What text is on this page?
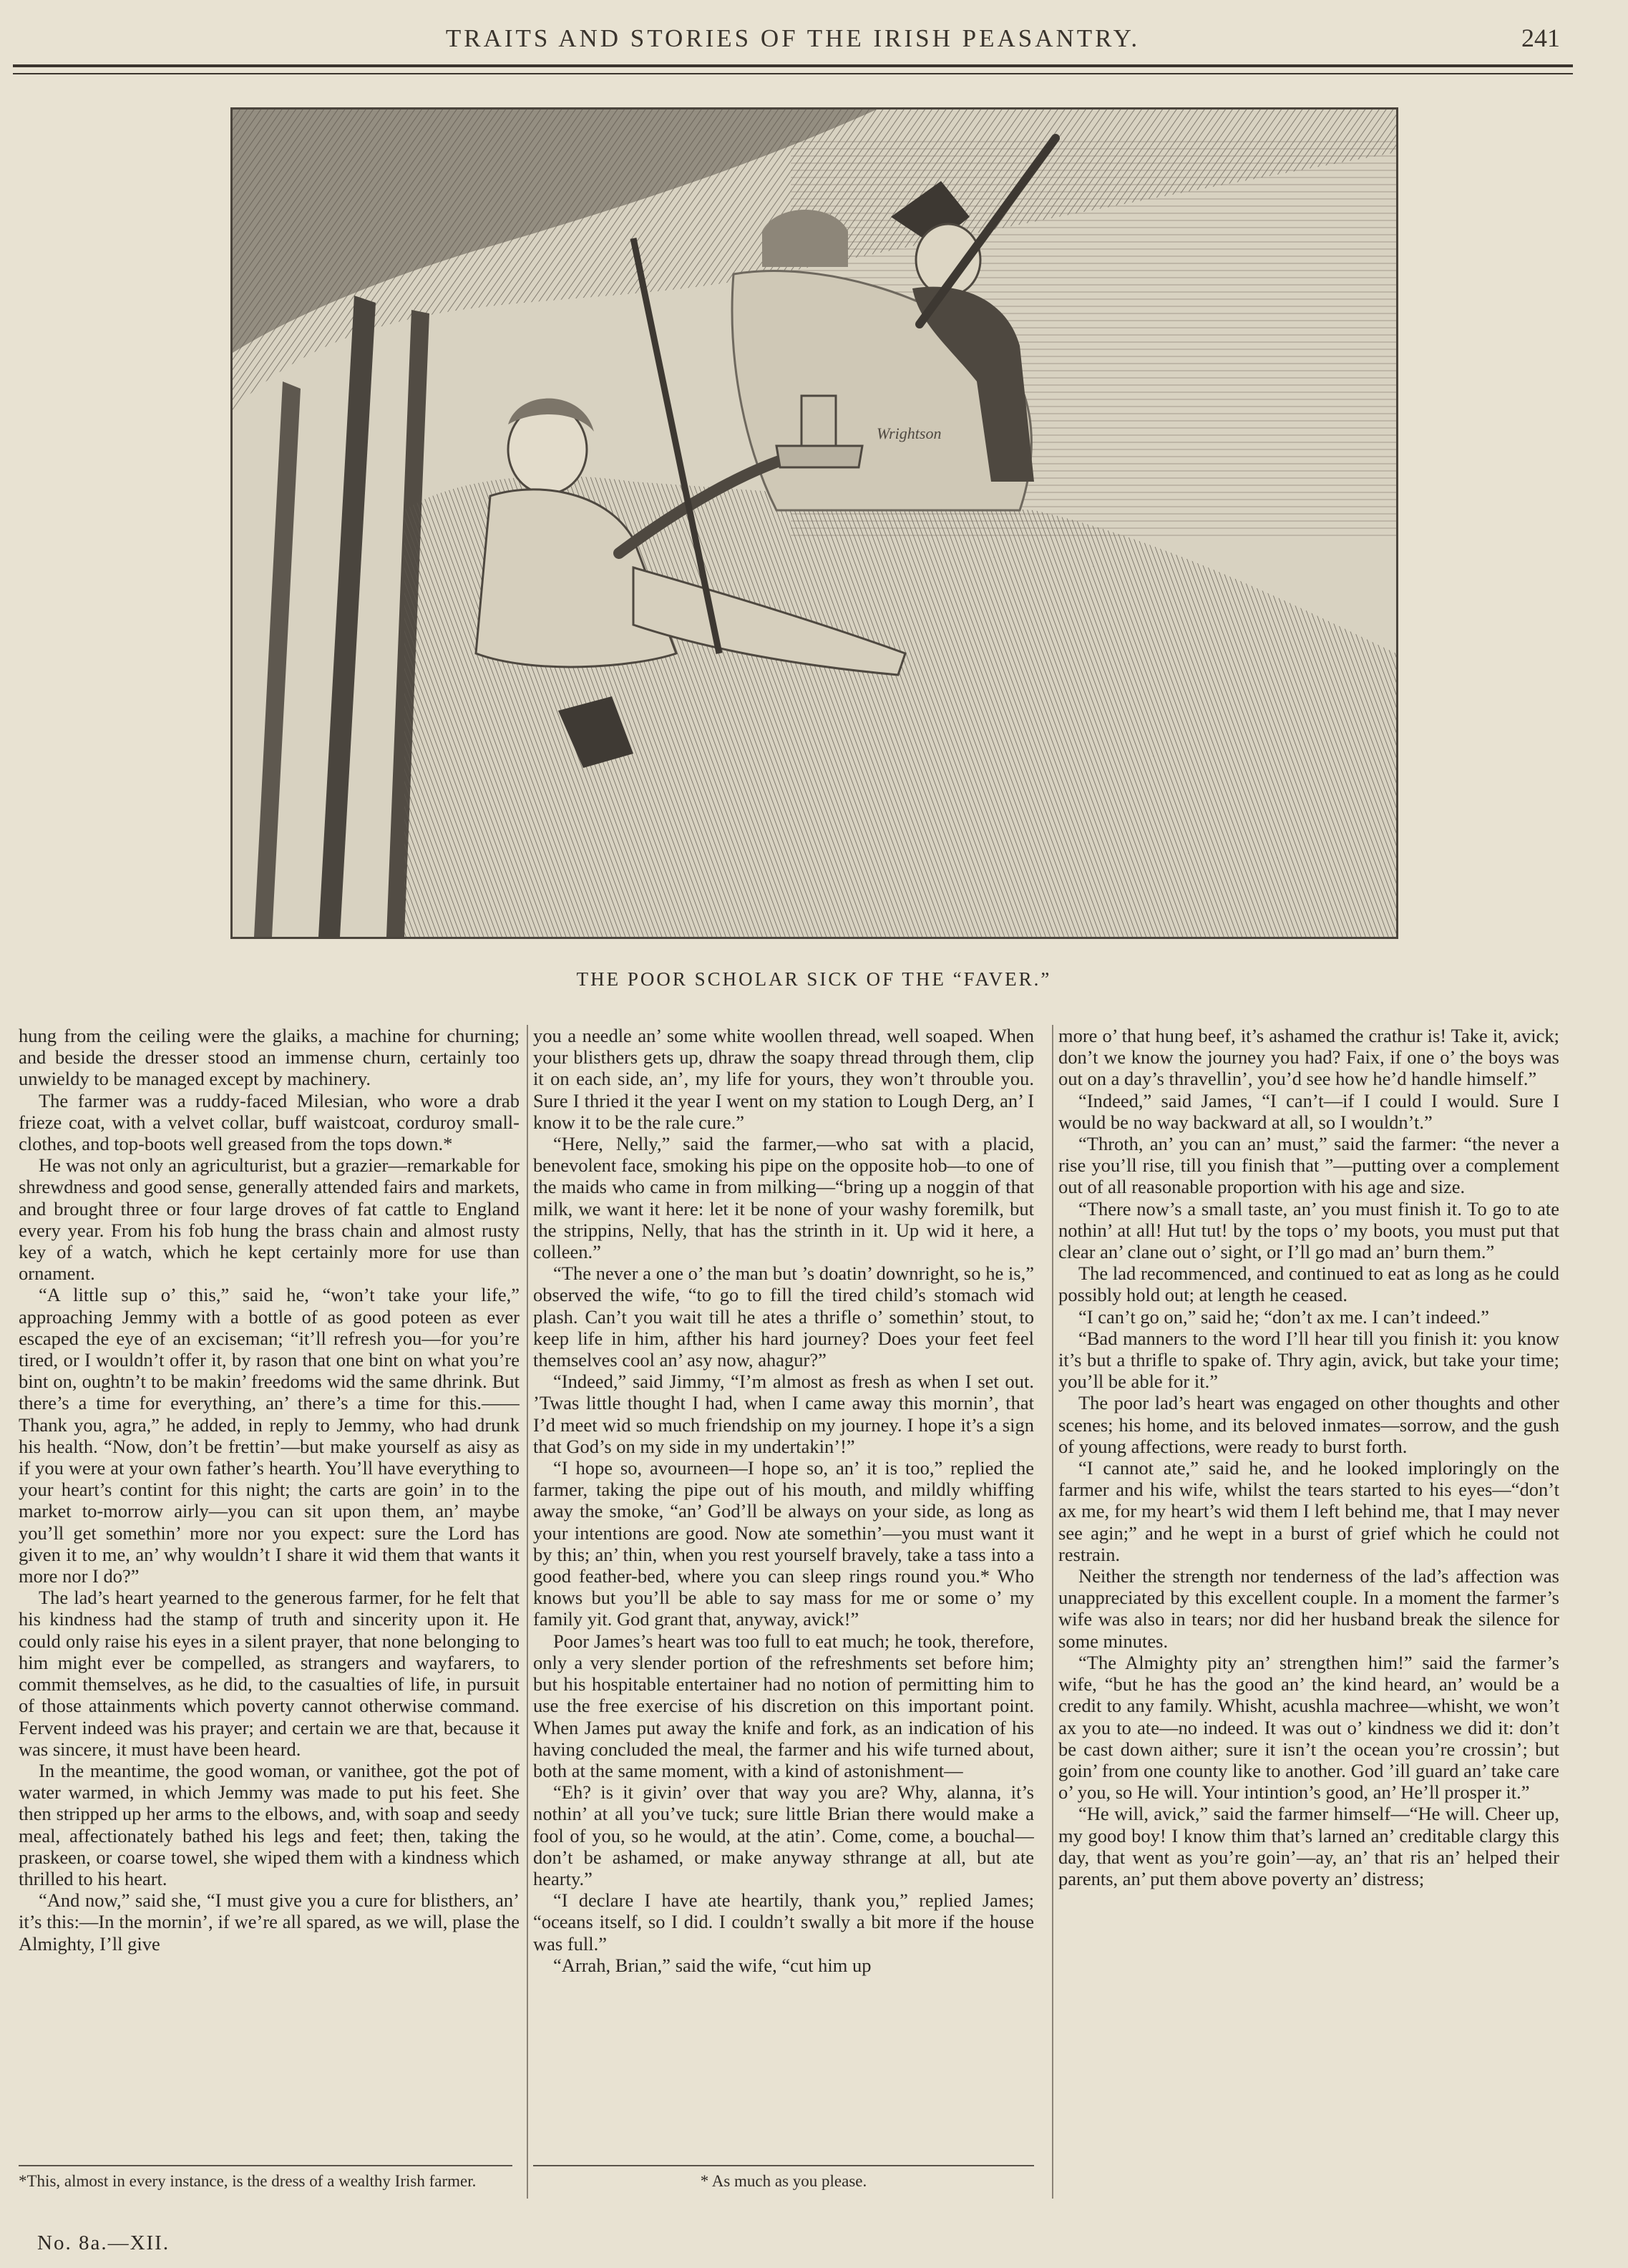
TRAITS AND STORIES OF THE IRISH PEASANTRY.	241
Wrightson
THE POOR SCHOLAR SICK OF THE “FAVER.”

hung from the ceiling were the glaiks, a machine for churning; and beside the dresser stood an immense churn, certainly too unwieldy to be managed except by machinery.

The farmer was a ruddy-faced Milesian, who wore a drab frieze coat, with a velvet collar, buff waistcoat, corduroy small-clothes, and top-boots well greased from the tops down.*

He was not only an agriculturist, but a grazier—remarkable for shrewdness and good sense, generally attended fairs and markets, and brought three or four large droves of fat cattle to England every year. From his fob hung the brass chain and almost rusty key of a watch, which he kept certainly more for use than ornament.

“A little sup o’ this,” said he, “won’t take your life,” approaching Jemmy with a bottle of as good poteen as ever escaped the eye of an exciseman; “it’ll refresh you—for you’re tired, or I wouldn’t offer it, by rason that one bint on what you’re bint on, oughtn’t to be makin’ freedoms wid the same dhrink. But there’s a time for everything, an’ there’s a time for this.——Thank you, agra,” he added, in reply to Jemmy, who had drunk his health. “Now, don’t be frettin’—but make yourself as aisy as if you were at your own father’s hearth. You’ll have everything to your heart’s contint for this night; the carts are goin’ in to the market to-morrow airly—you can sit upon them, an’ maybe you’ll get somethin’ more nor you expect: sure the Lord has given it to me, an’ why wouldn’t I share it wid them that wants it more nor I do?”

The lad’s heart yearned to the generous farmer, for he felt that his kindness had the stamp of truth and sincerity upon it. He could only raise his eyes in a silent prayer, that none belonging to him might ever be compelled, as strangers and wayfarers, to commit themselves, as he did, to the casualties of life, in pursuit of those attainments which poverty cannot otherwise command. Fervent indeed was his prayer; and certain we are that, because it was sincere, it must have been heard.

In the meantime, the good woman, or vanithee, got the pot of water warmed, in which Jemmy was made to put his feet. She then stripped up her arms to the elbows, and, with soap and seedy meal, affectionately bathed his legs and feet; then, taking the praskeen, or coarse towel, she wiped them with a kindness which thrilled to his heart.

“And now,” said she, “I must give you a cure for blisthers, an’ it’s this:—In the mornin’, if we’re all spared, as we will, plase the Almighty, I’ll give

you a needle an’ some white woollen thread, well soaped. When your blisthers gets up, dhraw the soapy thread through them, clip it on each side, an’, my life for yours, they won’t throuble you. Sure I thried it the year I went on my station to Lough Derg, an’ I know it to be the rale cure.”

“Here, Nelly,” said the farmer,—who sat with a placid, benevolent face, smoking his pipe on the opposite hob—to one of the maids who came in from milking—“bring up a noggin of that milk, we want it here: let it be none of your washy foremilk, but the strippins, Nelly, that has the strinth in it. Up wid it here, a colleen.”

“The never a one o’ the man but ’s doatin’ downright, so he is,” observed the wife, “to go to fill the tired child’s stomach wid plash. Can’t you wait till he ates a thrifle o’ somethin’ stout, to keep life in him, afther his hard journey? Does your feet feel themselves cool an’ asy now, ahagur?”

“Indeed,” said Jimmy, “I’m almost as fresh as when I set out. ’Twas little thought I had, when I came away this mornin’, that I’d meet wid so much friendship on my journey. I hope it’s a sign that God’s on my side in my undertakin’!”

“I hope so, avourneen—I hope so, an’ it is too,” replied the farmer, taking the pipe out of his mouth, and mildly whiffing away the smoke, “an’ God’ll be always on your side, as long as your intentions are good. Now ate somethin’—you must want it by this; an’ thin, when you rest yourself bravely, take a tass into a good feather-bed, where you can sleep rings round you.* Who knows but you’ll be able to say mass for me or some o’ my family yit. God grant that, anyway, avick!”

Poor James’s heart was too full to eat much; he took, therefore, only a very slender portion of the refreshments set before him; but his hospitable entertainer had no notion of permitting him to use the free exercise of his discretion on this important point. When James put away the knife and fork, as an indication of his having concluded the meal, the farmer and his wife turned about, both at the same moment, with a kind of astonishment—

“Eh? is it givin’ over that way you are? Why, alanna, it’s nothin’ at all you’ve tuck; sure little Brian there would make a fool of you, so he would, at the atin’. Come, come, a bouchal—don’t be ashamed, or make anyway sthrange at all, but ate hearty.”

“I declare I have ate heartily, thank you,” replied James; “oceans itself, so I did. I couldn’t swally a bit more if the house was full.”

“Arrah, Brian,” said the wife, “cut him up

more o’ that hung beef, it’s ashamed the crathur is! Take it, avick; don’t we know the journey you had? Faix, if one o’ the boys was out on a day’s thravellin’, you’d see how he’d handle himself.”

“Indeed,” said James, “I can’t—if I could I would. Sure I would be no way backward at all, so I wouldn’t.”

“Throth, an’ you can an’ must,” said the farmer: “the never a rise you’ll rise, till you finish that ”—putting over a complement out of all reasonable proportion with his age and size.

“There now’s a small taste, an’ you must finish it. To go to ate nothin’ at all! Hut tut! by the tops o’ my boots, you must put that clear an’ clane out o’ sight, or I’ll go mad an’ burn them.”

The lad recommenced, and continued to eat as long as he could possibly hold out; at length he ceased.

“I can’t go on,” said he; “don’t ax me. I can’t indeed.”

“Bad manners to the word I’ll hear till you finish it: you know it’s but a thrifle to spake of. Thry agin, avick, but take your time; you’ll be able for it.”

The poor lad’s heart was engaged on other thoughts and other scenes; his home, and its beloved inmates—sorrow, and the gush of young affections, were ready to burst forth.

“I cannot ate,” said he, and he looked imploringly on the farmer and his wife, whilst the tears started to his eyes—“don’t ax me, for my heart’s wid them I left behind me, that I may never see agin;” and he wept in a burst of grief which he could not restrain.

Neither the strength nor tenderness of the lad’s affection was unappreciated by this excellent couple. In a moment the farmer’s wife was also in tears; nor did her husband break the silence for some minutes.

“The Almighty pity an’ strengthen him!” said the farmer’s wife, “but he has the good an’ the kind heard, an’ would be a credit to any family. Whisht, acushla machree—whisht, we won’t ax you to ate—no indeed. It was out o’ kindness we did it: don’t be cast down aither; sure it isn’t the ocean you’re crossin’; but goin’ from one county like to another. God ’ill guard an’ take care o’ you, so He will. Your intintion’s good, an’ He’ll prosper it.”

“He will, avick,” said the farmer himself—“He will. Cheer up, my good boy! I know thim that’s larned an’ creditable clargy this day, that went as you’re goin’—ay, an’ that ris an’ helped their parents, an’ put them above poverty an’ distress;

*This, almost in every instance, is the dress of a wealthy Irish farmer.	* As much as you please.
No. 8a.—XII.
